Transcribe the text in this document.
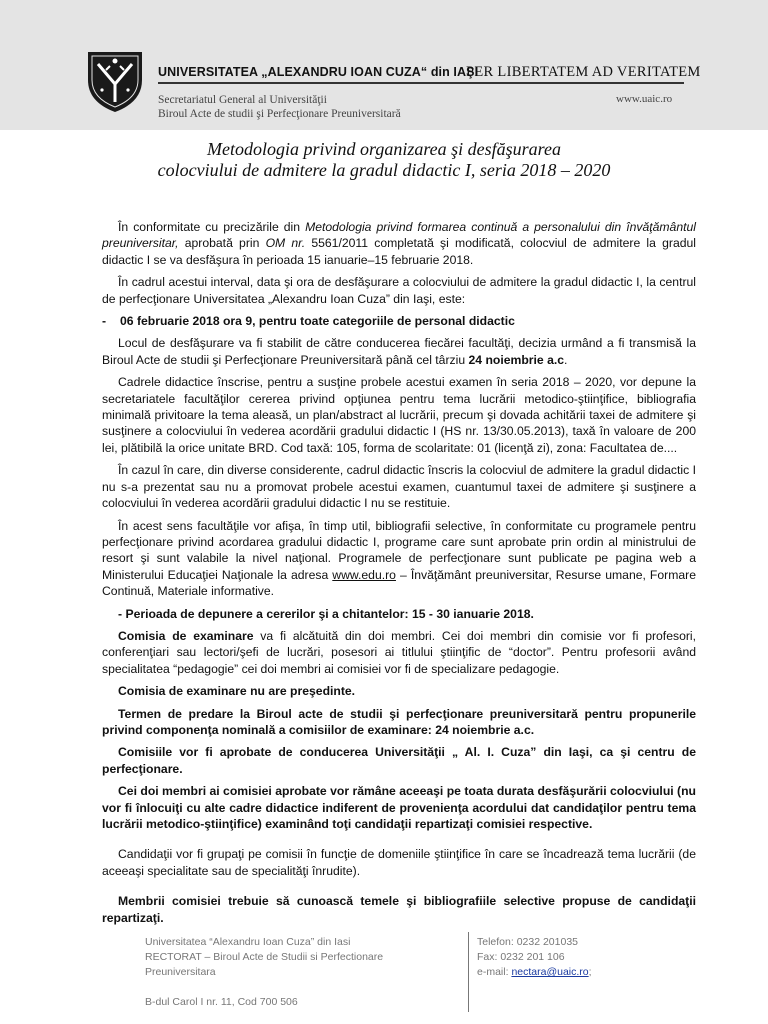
UNIVERSITATEA „ALEXANDRU IOAN CUZA“ din IAŞI
PER LIBERTATEM AD VERITATEM
Secretariatul General al Universităţii
Biroul Acte de studii şi Perfecţionare Preuniversitară
www.uaic.ro
Metodologia privind organizarea şi desfăşurarea
colocviului de admitere la gradul didactic I, seria 2018 – 2020

În conformitate cu precizările din Metodologia privind formarea continuă a personalului din învăţământul preuniversitar, aprobată prin OM nr. 5561/2011 completată şi modificată, colocviul de admitere la gradul didactic I se va desfăşura în perioada 15 ianuarie–15 februarie 2018.

În cadrul acestui interval, data şi ora de desfăşurare a colocviului de admitere la gradul didactic I, la centrul de perfecţionare Universitatea „Alexandru Ioan Cuza” din Iaşi, este:

- 06 februarie 2018 ora 9, pentru toate categoriile de personal didactic

Locul de desfăşurare va fi stabilit de către conducerea fiecărei facultăţi, decizia urmând a fi transmisă la Biroul Acte de studii şi Perfecţionare Preuniversitară până cel târziu 24 noiembrie a.c.

Cadrele didactice înscrise, pentru a susţine probele acestui examen în seria 2018 – 2020, vor depune la secretariatele facultăţilor cererea privind opţiunea pentru tema lucrării metodico-ştiinţifice, bibliografia minimală privitoare la tema aleasă, un plan/abstract al lucrării, precum şi dovada achitării taxei de admitere şi susţinere a colocviului în vederea acordării gradului didactic I (HS nr. 13/30.05.2013), taxă în valoare de 200 lei, plătibilă la orice unitate BRD. Cod taxă: 105, forma de scolaritate: 01 (licenţă zi), zona: Facultatea de....

În cazul în care, din diverse considerente, cadrul didactic înscris la colocviul de admitere la gradul didactic I nu s-a prezentat sau nu a promovat probele acestui examen, cuantumul taxei de admitere şi susţinere a colocviului în vederea acordării gradului didactic I nu se restituie.

În acest sens facultăţile vor afişa, în timp util, bibliografii selective, în conformitate cu programele pentru perfecţionare privind acordarea gradului didactic I, programe care sunt aprobate prin ordin al ministrului de resort şi sunt valabile la nivel naţional. Programele de perfecţionare sunt publicate pe pagina web a Ministerului Educaţiei Naţionale la adresa www.edu.ro – Învăţământ preuniversitar, Resurse umane, Formare Continuă, Materiale informative.

- Perioada de depunere a cererilor şi a chitantelor: 15 - 30 ianuarie 2018.

Comisia de examinare va fi alcătuită din doi membri. Cei doi membri din comisie vor fi profesori, conferenţiari sau lectori/şefi de lucrări, posesori ai titlului ştiinţific de “doctor”. Pentru profesorii având specialitatea “pedagogie” cei doi membri ai comisiei vor fi de specializare pedagogie.

Comisia de examinare nu are preşedinte.

Termen de predare la Biroul acte de studii şi perfecţionare preuniversitară pentru propunerile privind componenţa nominală a comisiilor de examinare: 24 noiembrie a.c.

Comisiile vor fi aprobate de conducerea Universităţii „ Al. I. Cuza” din Iaşi, ca şi centru de perfecţionare.

Cei doi membri ai comisiei aprobate vor rămâne aceeaşi pe toata durata desfăşurării colocviului (nu vor fi înlocuiţi cu alte cadre didactice indiferent de provenienţa acordului dat candidaţilor pentru tema lucrării metodico-ştiinţifice) examinând toţi candidaţii repartizaţi comisiei respective.

Candidaţii vor fi grupaţi pe comisii în funcţie de domeniile ştiinţifice în care se încadrează tema lucrării (de aceeaşi specialitate sau de specialităţi înrudite).

Membrii comisiei trebuie să cunoască temele şi bibliografiile selective propuse de candidaţii repartizaţi.

Universitatea “Alexandru Ioan Cuza” din Iasi
RECTORAT – Biroul Acte de Studii si Perfectionare
Preuniversitara
B-dul Carol I nr. 11, Cod 700 506
Telefon: 0232 201035
Fax: 0232 201 106
e-mail: nectara@uaic.ro;
